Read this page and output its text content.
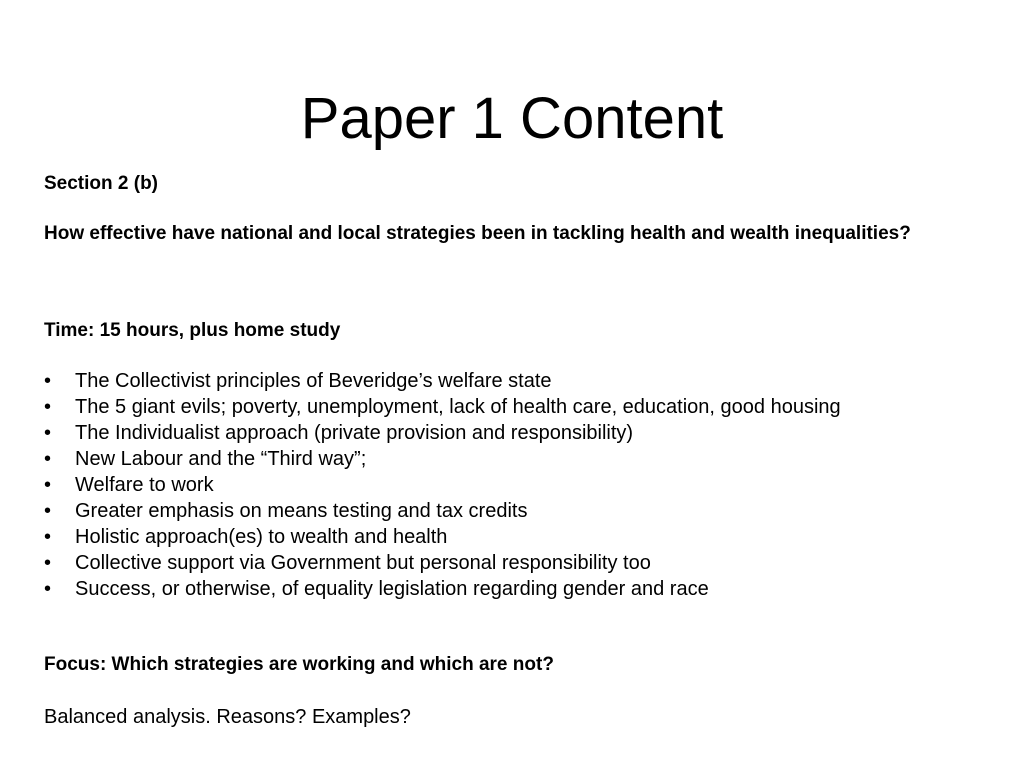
Paper 1 Content
Section 2 (b)
How effective have national and local strategies been in tackling health and wealth inequalities?
Time: 15 hours, plus home study
•	The Collectivist principles of Beveridge’s welfare state
•	The 5 giant evils; poverty, unemployment, lack of health care, education, good housing
•	The Individualist approach (private provision and responsibility)
•	New Labour and the “Third way”;
•	Welfare to work
•	Greater emphasis on means testing and tax credits
•	Holistic approach(es) to wealth and health
•	Collective support via Government but personal responsibility too
•	Success, or otherwise, of equality legislation regarding gender and race
Focus: Which strategies are working and which are not?
Balanced analysis. Reasons? Examples?
